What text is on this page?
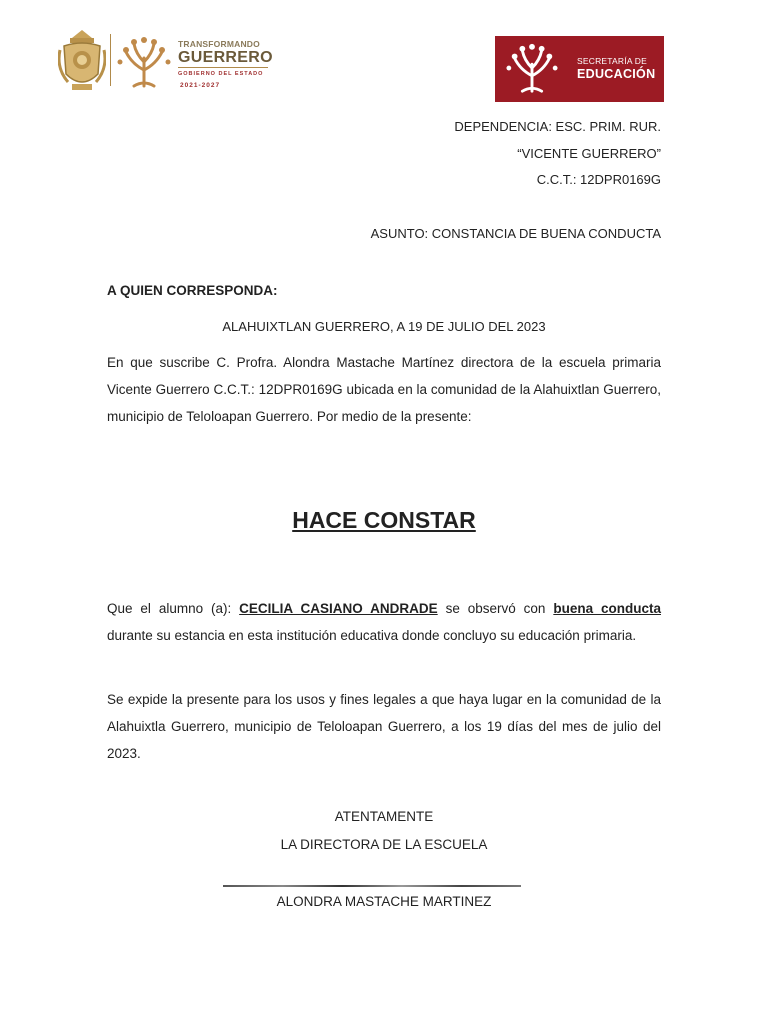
TRANSFORMANDO
GUERRERO
GOBIERNO DEL ESTADO
2021-2027
SECRETARÍA DE
EDUCACIÓN
DEPENDENCIA: ESC. PRIM. RUR.
“VICENTE GUERRERO”
C.C.T.: 12DPR0169G
ASUNTO: CONSTANCIA DE BUENA CONDUCTA
A QUIEN CORRESPONDA:
ALAHUIXTLAN GUERRERO, A 19 DE JULIO DEL 2023
En que suscribe C. Profra. Alondra Mastache Martínez directora de la escuela primaria Vicente Guerrero C.C.T.: 12DPR0169G ubicada en la comunidad de la Alahuixtlan Guerrero, municipio de Teloloapan Guerrero. Por medio de la presente:
HACE CONSTAR
Que el alumno (a): CECILIA CASIANO ANDRADE se observó con buena conducta durante su estancia en esta institución educativa donde concluyo su educación primaria.
Se expide la presente para los usos y fines legales a que haya lugar en la comunidad de la Alahuixtla Guerrero, municipio de Teloloapan Guerrero, a los 19 días del mes de julio del 2023.
ATENTAMENTE
LA DIRECTORA DE LA ESCUELA
ALONDRA MASTACHE MARTINEZ
